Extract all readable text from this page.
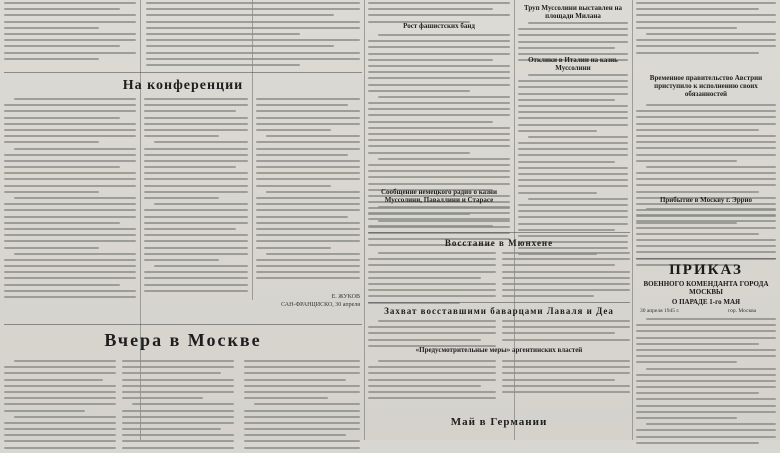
На конференции
Е. ЖУКОВ
САН-ФРАНЦИСКО, 30 апреля
Вчера в Москве
Рост фашистских банд
Сообщение немецкого радио о казни Муссолини, Паваллини и Старасе
Труп Муссолини выставлен на площади Милана
Отклики в Италии на казнь Муссолини
Восстание в Мюнхене
Захват восставшими баварцами Лаваля и Деа
«Предусмотрительные меры» аргентинских властей
Май в Германии
Временное правительство Австрии приступило к исполнению своих обязанностей
Прибытие в Москву г. Эррио
ПРИКАЗ
ВОЕННОГО КОМЕНДАНТА ГОРОДА МОСКВЫ
О ПАРАДЕ 1-го МАЯ
30 апреля 1945 г.	гор. Москва
